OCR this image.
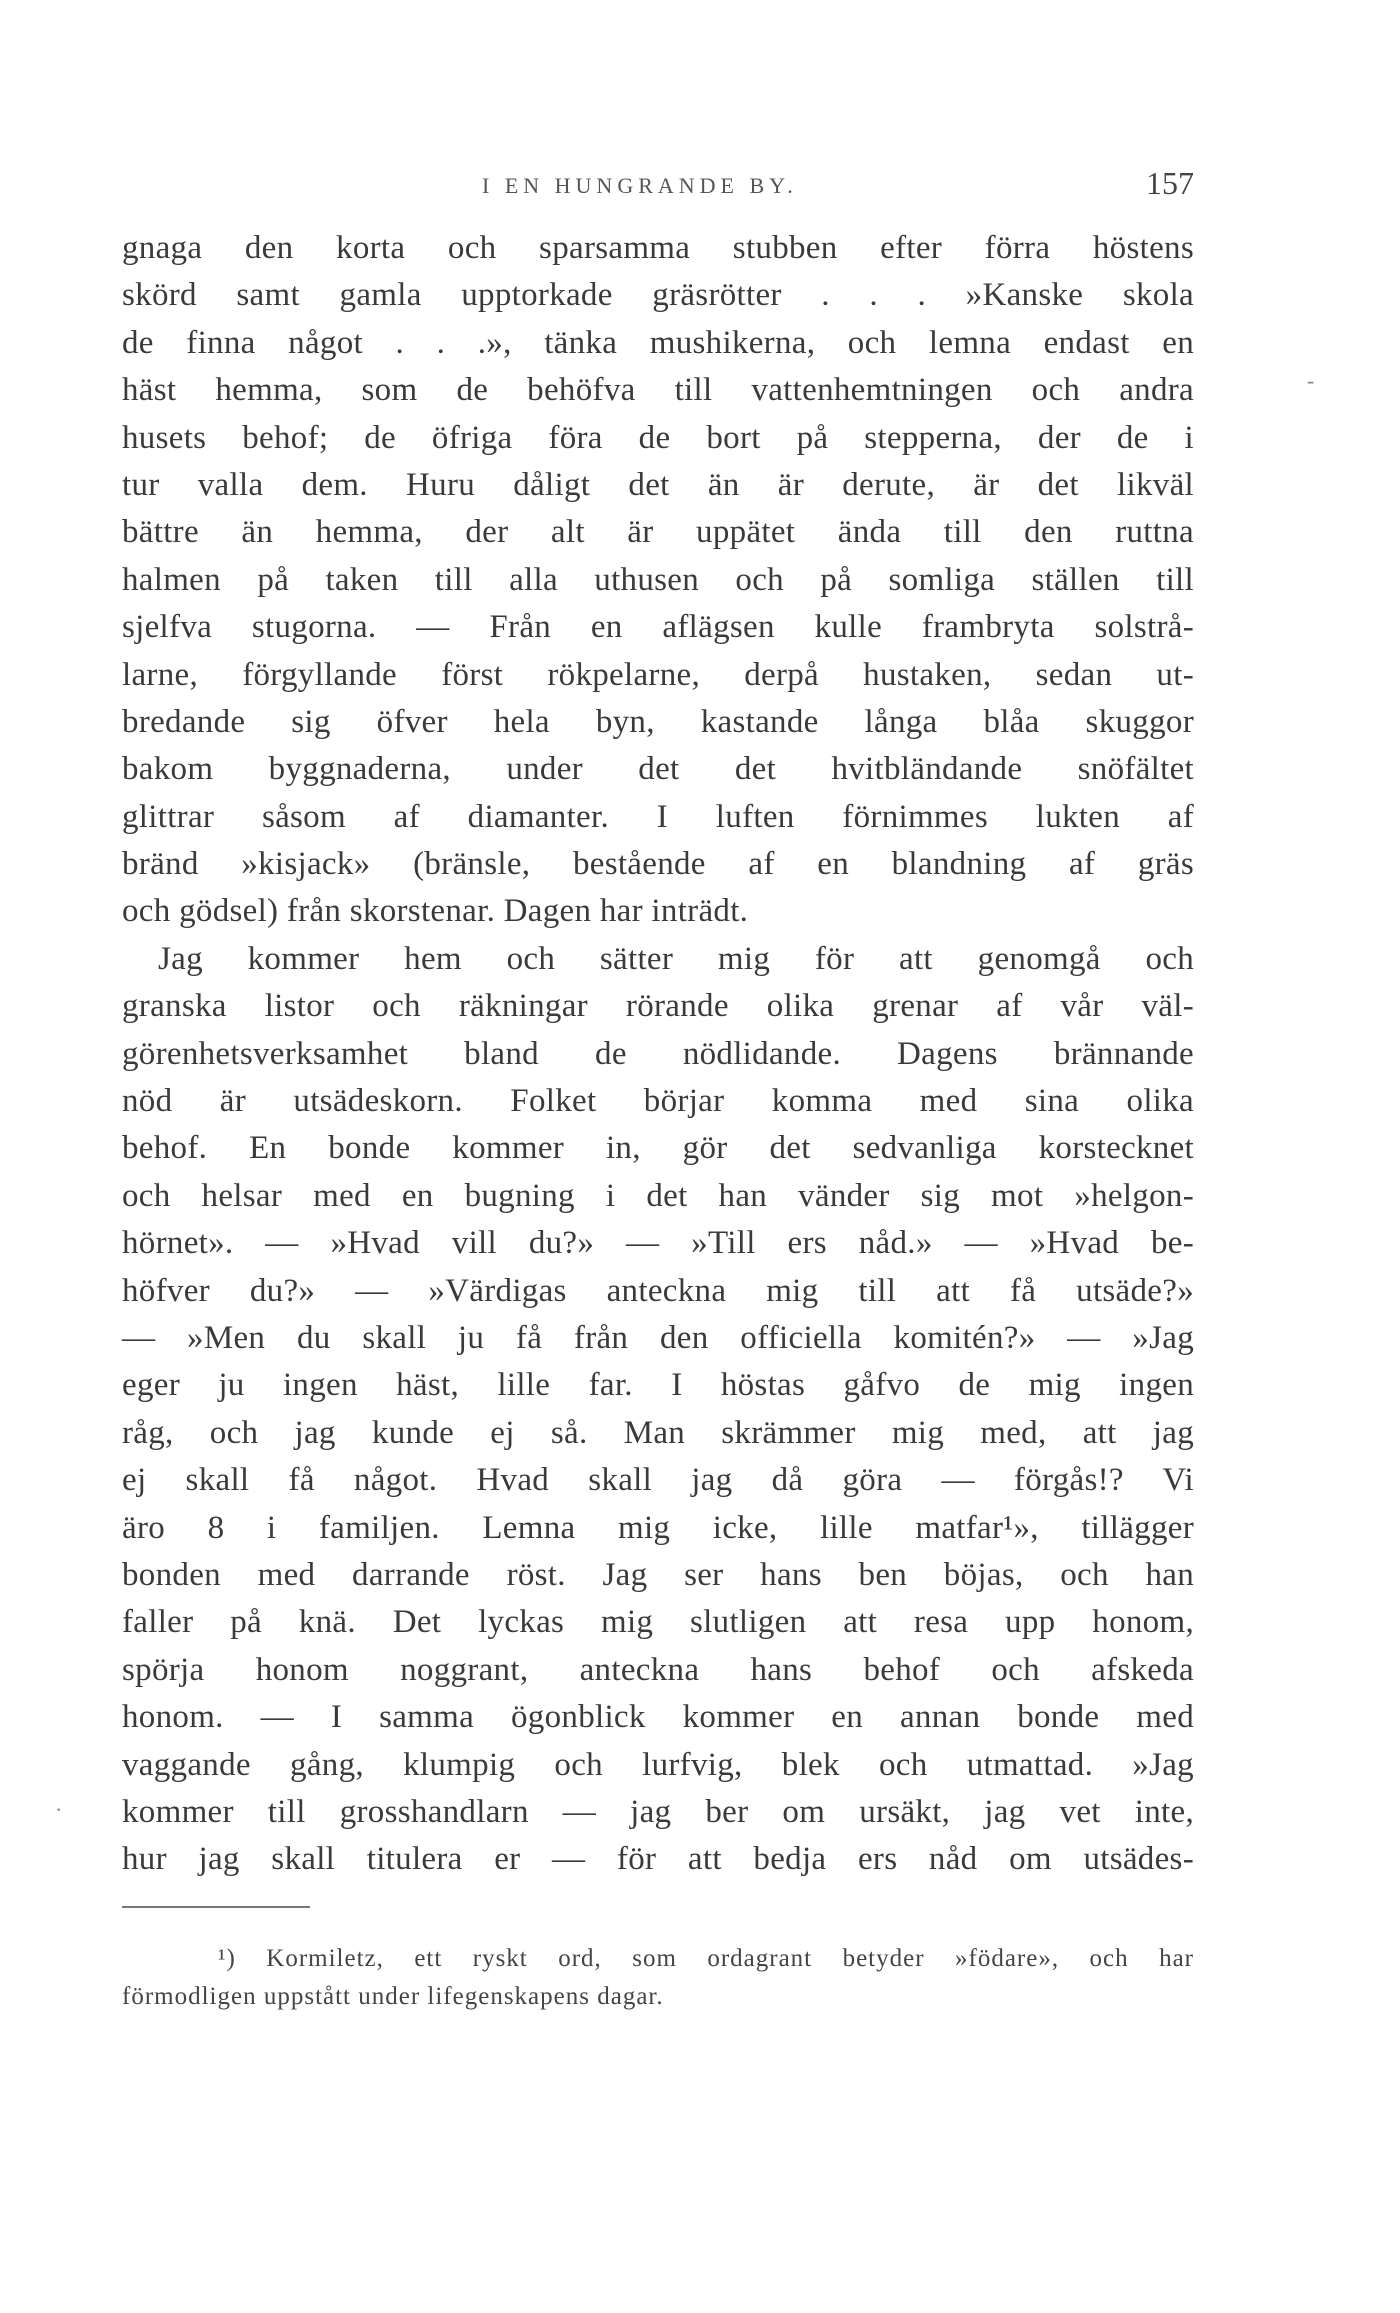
I EN HUNGRANDE BY.	157
gnaga den korta och sparsamma stubben efter förra höstens
skörd samt gamla upptorkade gräsrötter . . . »Kanske skola
de finna något . . .», tänka mushikerna, och lemna endast en
häst hemma, som de behöfva till vattenhemtningen och andra
husets behof; de öfriga föra de bort på stepperna, der de i
tur valla dem. Huru dåligt det än är derute, är det likväl
bättre än hemma, der alt är uppätet ända till den ruttna
halmen på taken till alla uthusen och på somliga ställen till
sjelfva stugorna. — Från en aflägsen kulle frambryta solstrå-
larne, förgyllande först rökpelarne, derpå hustaken, sedan ut-
bredande sig öfver hela byn, kastande långa blåa skuggor
bakom byggnaderna, under det det hvitbländande snöfältet
glittrar såsom af diamanter. I luften förnimmes lukten af
bränd »kisjack» (bränsle, bestående af en blandning af gräs
och gödsel) från skorstenar. Dagen har inträdt.
Jag kommer hem och sätter mig för att genomgå och
granska listor och räkningar rörande olika grenar af vår väl-
görenhetsverksamhet bland de nödlidande. Dagens brännande
nöd är utsädeskorn. Folket börjar komma med sina olika
behof. En bonde kommer in, gör det sedvanliga korstecknet
och helsar med en bugning i det han vänder sig mot »helgon-
hörnet». — »Hvad vill du?» — »Till ers nåd.» — »Hvad be-
höfver du?» — »Värdigas anteckna mig till att få utsäde?»
— »Men du skall ju få från den officiella komitén?» — »Jag
eger ju ingen häst, lille far. I höstas gåfvo de mig ingen
råg, och jag kunde ej så. Man skrämmer mig med, att jag
ej skall få något. Hvad skall jag då göra — förgås!? Vi
äro 8 i familjen. Lemna mig icke, lille matfar¹», tillägger
bonden med darrande röst. Jag ser hans ben böjas, och han
faller på knä. Det lyckas mig slutligen att resa upp honom,
spörja honom noggrant, anteckna hans behof och afskeda
honom. — I samma ögonblick kommer en annan bonde med
vaggande gång, klumpig och lurfvig, blek och utmattad. »Jag
kommer till grosshandlarn — jag ber om ursäkt, jag vet inte,
hur jag skall titulera er — för att bedja ers nåd om utsädes-
¹) Kormiletz, ett ryskt ord, som ordagrant betyder »födare», och har
förmodligen uppstått under lifegenskapens dagar.
-
·
